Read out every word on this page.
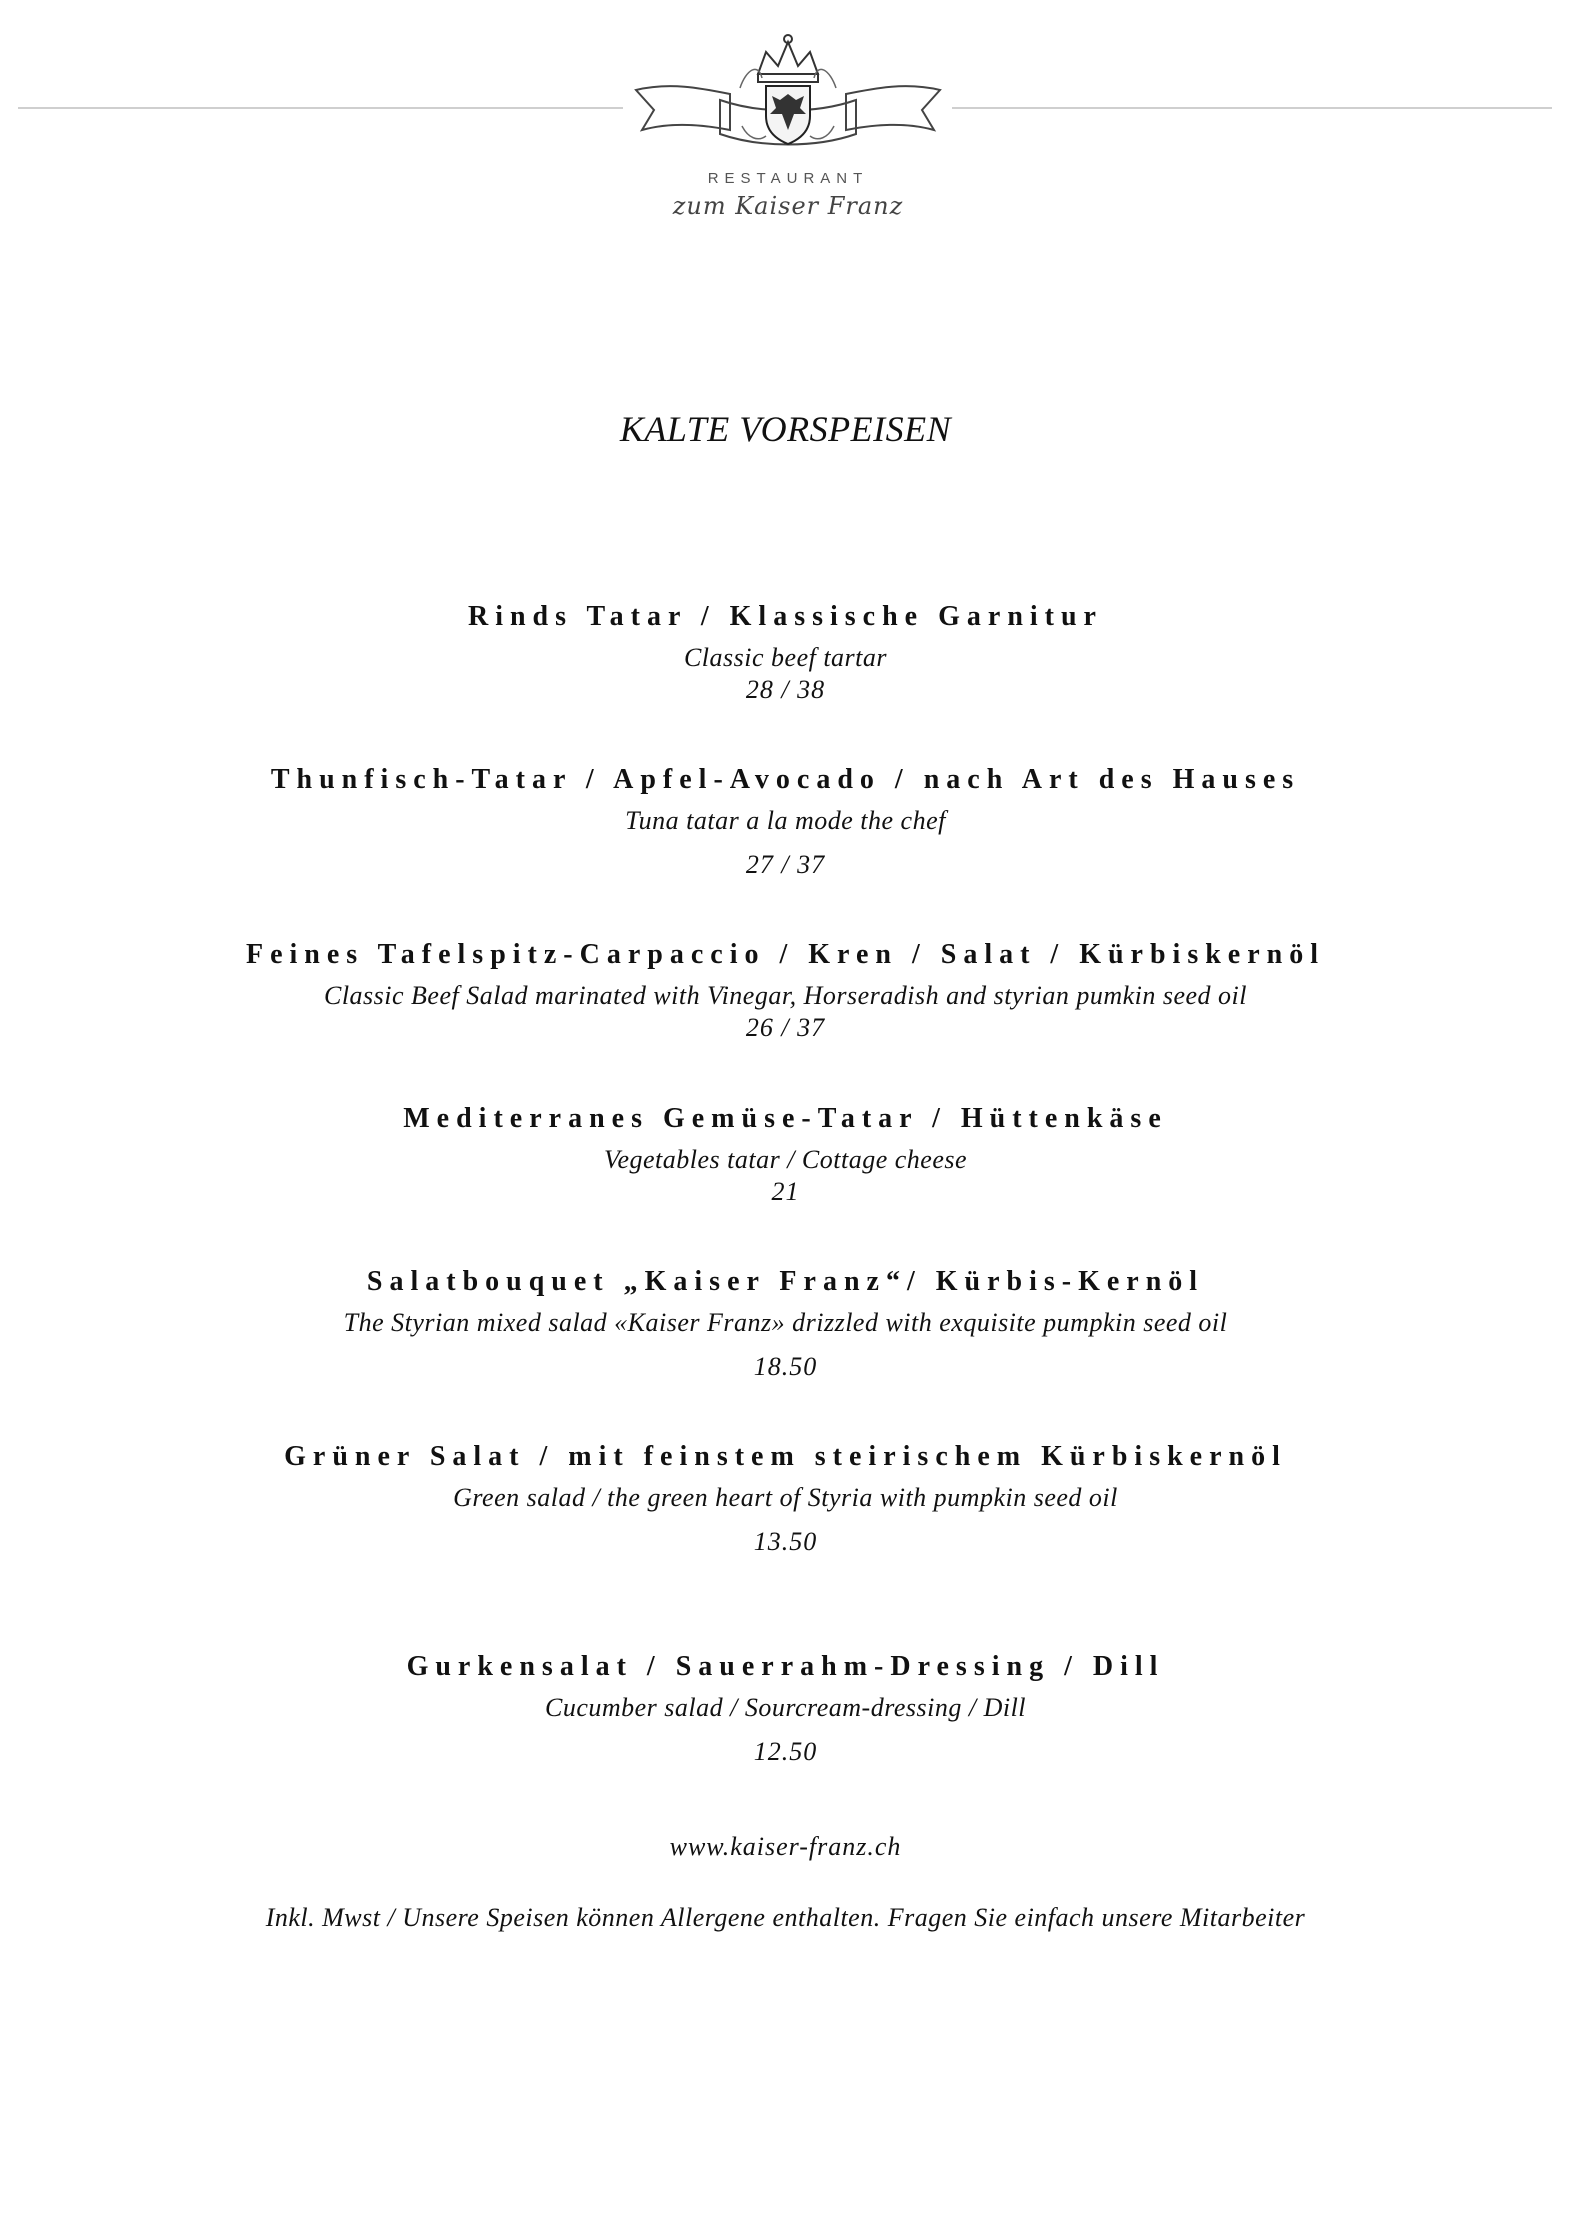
RESTAURANT
zum Kaiser Franz
KALTE VORSPEISEN
Rinds Tatar / Klassische Garnitur
Classic beef tartar
28 / 38
Thunfisch-Tatar / Apfel-Avocado / nach Art des Hauses
Tuna tatar a la mode the chef
27 / 37
Feines Tafelspitz-Carpaccio / Kren / Salat / Kürbiskernöl
Classic Beef Salad marinated with Vinegar, Horseradish and styrian pumkin seed oil
26 / 37
Mediterranes Gemüse-Tatar / Hüttenkäse
Vegetables tatar / Cottage cheese
21
Salatbouquet „Kaiser Franz“/ Kürbis-Kernöl
The Styrian mixed salad «Kaiser Franz» drizzled with exquisite pumpkin seed oil
18.50
Grüner Salat / mit feinstem steirischem Kürbiskernöl
Green salad / the green heart of Styria with pumpkin seed oil
13.50
Gurkensalat / Sauerrahm-Dressing / Dill
Cucumber salad / Sourcream-dressing / Dill
12.50
www.kaiser-franz.ch
Inkl. Mwst / Unsere Speisen können Allergene enthalten. Fragen Sie einfach unsere Mitarbeiter
